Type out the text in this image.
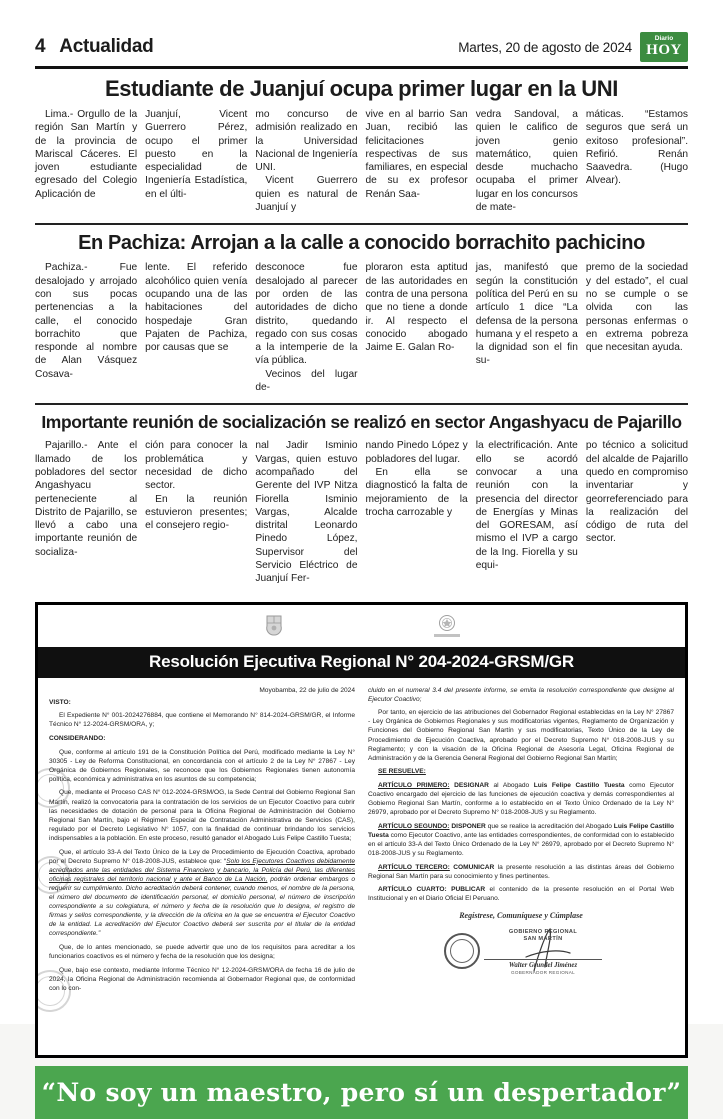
4 Actualidad	Martes, 20 de agosto de 2024
Diario
HOY
Estudiante de Juanjuí ocupa primer lugar en la UNI

Lima.- Orgullo de la región San Martín y de la provincia de Mariscal Cáceres. El joven estudiante egresado del Colegio Aplicación de

Juanjuí, Vicent Guerrero Pérez, ocupo el primer puesto en la especialidad de Ingeniería Estadística, en el últi-

mo concurso de admisión realizado en la Universidad Nacional de Ingeniería UNI.

Vicent Guerrero quien es natural de Juanjuí y

vive en al barrio San Juan, recibió las felicitaciones respectivas de sus familiares, en especial de su ex profesor Renán Saa-

vedra Sandoval, a quien le califico de joven genio matemático, quien desde muchacho ocupaba el primer lugar en los concursos de mate-

máticas. “Estamos seguros que será un exitoso profesional”. Refirió. Renán Saavedra. (Hugo Alvear).

En Pachiza: Arrojan a la calle a conocido borrachito pachicino

Pachiza.- Fue desalojado y arrojado con sus pocas pertenencias a la calle, el conocido borrachito que responde al nombre de Alan Vásquez Cosava-

lente. El referido alcohólico quien venía ocupando una de las habitaciones del hospedaje Gran Pajaten de Pachiza, por causas que se

desconoce fue desalojado al parecer por orden de las autoridades de dicho distrito, quedando regado con sus cosas a la intemperie de la vía pública.

Vecinos del lugar de-

ploraron esta aptitud de las autoridades en contra de una persona que no tiene a donde ir. Al respecto el conocido abogado Jaime E. Galan Ro-

jas, manifestó que según la constitución política del Perú en su artículo 1 dice “La defensa de la persona humana y el respeto a la dignidad son el fin su-

premo de la sociedad y del estado”, el cual no se cumple o se olvida con las personas enfermas o en extrema pobreza que necesitan ayuda.

Importante reunión de socialización se realizó en sector Angashyacu de Pajarillo

Pajarillo.- Ante el llamado de los pobladores del sector Angashyacu perteneciente al Distrito de Pajarillo, se llevó a cabo una importante reunión de socializa-

ción para conocer la problemática y necesidad de dicho sector.

En la reunión estuvieron presentes; el consejero regio-

nal Jadir Isminio Vargas, quien estuvo acompañado del Gerente del IVP Nitza Fiorella Isminio Vargas, Alcalde distrital Leonardo Pinedo López, Supervisor del Servicio Eléctrico de Juanjuí Fer-

nando Pinedo López y pobladores del lugar.

En ella se diagnosticó la falta de mejoramiento de la trocha carrozable y

la electrificación. Ante ello se acordó convocar a una reunión con la presencia del director de Energías y Minas del GORESAM, así mismo el IVP a cargo de la Ing. Fiorella y su equi-

po técnico a solicitud del alcalde de Pajarillo quedo en compromiso inventariar y georreferenciado para la realización del código de ruta del sector.

Resolución Ejecutiva Regional N° 204-2024-GRSM/GR

Moyobamba, 22 de julio de 2024

VISTO:

El Expediente N° 001-2024276884, que contiene el Memorando N° 814-2024-GRSM/GR, el Informe Técnico N° 12-2024-GRSM/ORA, y;

CONSIDERANDO:

Que, conforme al artículo 191 de la Constitución Política del Perú, modificado mediante la Ley N° 30305 - Ley de Reforma Constitucional, en concordancia con el artículo 2 de la Ley N° 27867 - Ley Orgánica de Gobiernos Regionales, se reconoce que los Gobiernos Regionales tienen autonomía política, económica y administrativa en los asuntos de su competencia;

Que, mediante el Proceso CAS N° 012-2024-GRSM/OG, la Sede Central del Gobierno Regional San Martín, realizó la convocatoria para la contratación de los servicios de un Ejecutor Coactivo para cubrir las necesidades de dotación de personal para la Oficina Regional de Administración del Gobierno Regional San Martín, bajo el Régimen Especial de Contratación Administrativa de Servicios (CAS), regulado por el Decreto Legislativo N° 1057, con la finalidad de continuar brindando los servicios indispensables a la población. En este proceso, resultó ganador el Abogado Luis Felipe Castillo Tuesta;

Que, el artículo 33-A del Texto Único de la Ley de Procedimiento de Ejecución Coactiva, aprobado por el Decreto Supremo N° 018-2008-JUS, establece que: “Solo los Ejecutores Coactivos debidamente acreditados ante las entidades del Sistema Financiero y bancario, la Policía del Perú, las diferentes oficinas registrales del territorio nacional y ante el Banco de La Nación, podrán ordenar embargos o requerir su cumplimiento. Dicho acreditación deberá contener, cuando menos, el nombre de la persona, el número del documento de identificación personal, el domicilio personal, el número de inscripción correspondiente a su colegiatura, el número y fecha de la resolución que lo designa, el registro de firmas y sellos correspondiente, y la dirección de la oficina en la que se encuentra el Ejecutor Coactivo de la entidad. La acreditación del Ejecutor Coactivo deberá ser suscrita por el titular de la entidad correspondiente.”

Que, de lo antes mencionado, se puede advertir que uno de los requisitos para acreditar a los funcionarios coactivos es el número y fecha de la resolución que los designa;

Que, bajo ese contexto, mediante Informe Técnico N° 12-2024-GRSM/ORA de fecha 16 de julio de 2024, la Oficina Regional de Administración recomienda al Gobernador Regional que, de conformidad con lo con-

cluido en el numeral 3.4 del presente informe, se emita la resolución correspondiente que designe al Ejecutor Coactivo;

Por tanto, en ejercicio de las atribuciones del Gobernador Regional establecidas en la Ley N° 27867 - Ley Orgánica de Gobiernos Regionales y sus modificatorias vigentes, Reglamento de Organización y Funciones del Gobierno Regional San Martín y sus modificatorias, Texto Único de la Ley de Procedimiento de Ejecución Coactiva, aprobado por el Decreto Supremo N° 018-2008-JUS y su Reglamento; y con la visación de la Oficina Regional de Asesoría Legal, Oficina Regional de Administración y de la Gerencia General Regional del Gobierno Regional San Martín;

SE RESUELVE:

ARTÍCULO PRIMERO: DESIGNAR al Abogado Luis Felipe Castillo Tuesta como Ejecutor Coactivo encargado del ejercicio de las funciones de ejecución coactiva y demás correspondientes al Gobierno Regional San Martín, conforme a lo establecido en el Texto Único Ordenado de la Ley N° 26979, aprobado por el Decreto Supremo N° 018-2008-JUS y su Reglamento.

ARTÍCULO SEGUNDO: DISPONER que se realice la acreditación del Abogado Luis Felipe Castillo Tuesta como Ejecutor Coactivo, ante las entidades correspondientes, de conformidad con lo establecido en el artículo 33-A del Texto Único Ordenado de la Ley N° 26979, aprobado por el Decreto Supremo N° 018-2008-JUS y su Reglamento.

ARTÍCULO TERCERO: COMUNICAR la presente resolución a las distintas áreas del Gobierno Regional San Martín para su conocimiento y fines pertinentes.

ARTÍCULO CUARTO: PUBLICAR el contenido de la presente resolución en el Portal Web Institucional y en el Diario Oficial El Peruano.

Regístrese, Comuníquese y Cúmplase
GOBIERNO REGIONAL
SAN MARTÍN
Walter Grundel Jiménez
GOBERNADOR REGIONAL
“No soy un maestro, pero sí un despertador”
